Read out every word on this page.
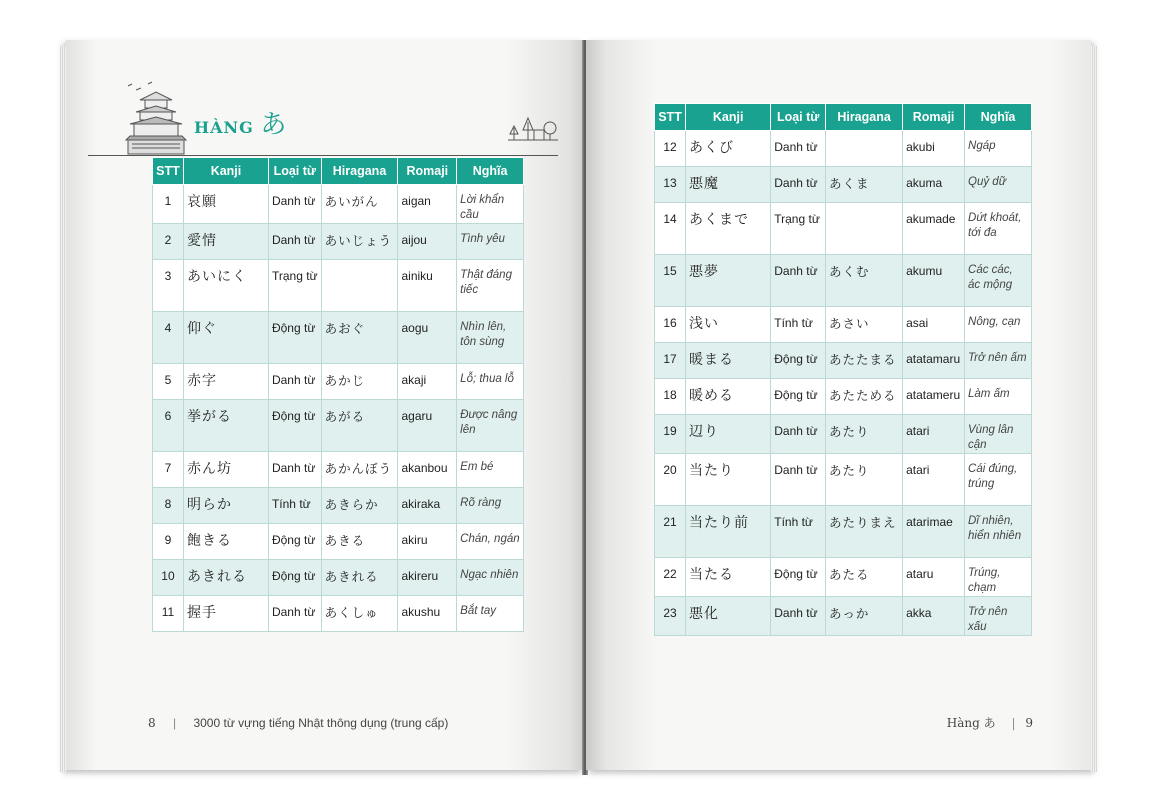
HÀNG あ
STT	Kanji	Loại từ	Hiragana	Romaji	Nghĩa
1	哀願	Danh từ	あいがん	aigan	Lời khẩn cầu
2	愛情	Danh từ	あいじょう	aijou	Tình yêu
3	あいにく	Trạng từ		ainiku	Thật đáng tiếc
4	仰ぐ	Động từ	あおぐ	aogu	Nhìn lên, tôn sùng
5	赤字	Danh từ	あかじ	akaji	Lỗ; thua lỗ
6	挙がる	Động từ	あがる	agaru	Được nâng lên
7	赤ん坊	Danh từ	あかんぼう	akanbou	Em bé
8	明らか	Tính từ	あきらか	akiraka	Rõ ràng
9	飽きる	Động từ	あきる	akiru	Chán, ngán
10	あきれる	Động từ	あきれる	akireru	Ngạc nhiên
11	握手	Danh từ	あくしゅ	akushu	Bắt tay
8 | 3000 từ vựng tiếng Nhật thông dụng (trung cấp)
STT	Kanji	Loại từ	Hiragana	Romaji	Nghĩa
12	あくび	Danh từ		akubi	Ngáp
13	悪魔	Danh từ	あくま	akuma	Quỷ dữ
14	あくまで	Trạng từ		akumade	Dứt khoát, tới đa
15	悪夢	Danh từ	あくむ	akumu	Các các, ác mộng
16	浅い	Tính từ	あさい	asai	Nông, cạn
17	暖まる	Động từ	あたたまる	atatamaru	Trở nên ấm
18	暖める	Động từ	あたためる	atatameru	Làm ấm
19	辺り	Danh từ	あたり	atari	Vùng lân cận
20	当たり	Danh từ	あたり	atari	Cái đúng, trúng
21	当たり前	Tính từ	あたりまえ	atarimae	Dĩ nhiên, hiển nhiên
22	当たる	Động từ	あたる	ataru	Trúng, chạm
23	悪化	Danh từ	あっか	akka	Trở nên xấu
Hàng あ | 9
